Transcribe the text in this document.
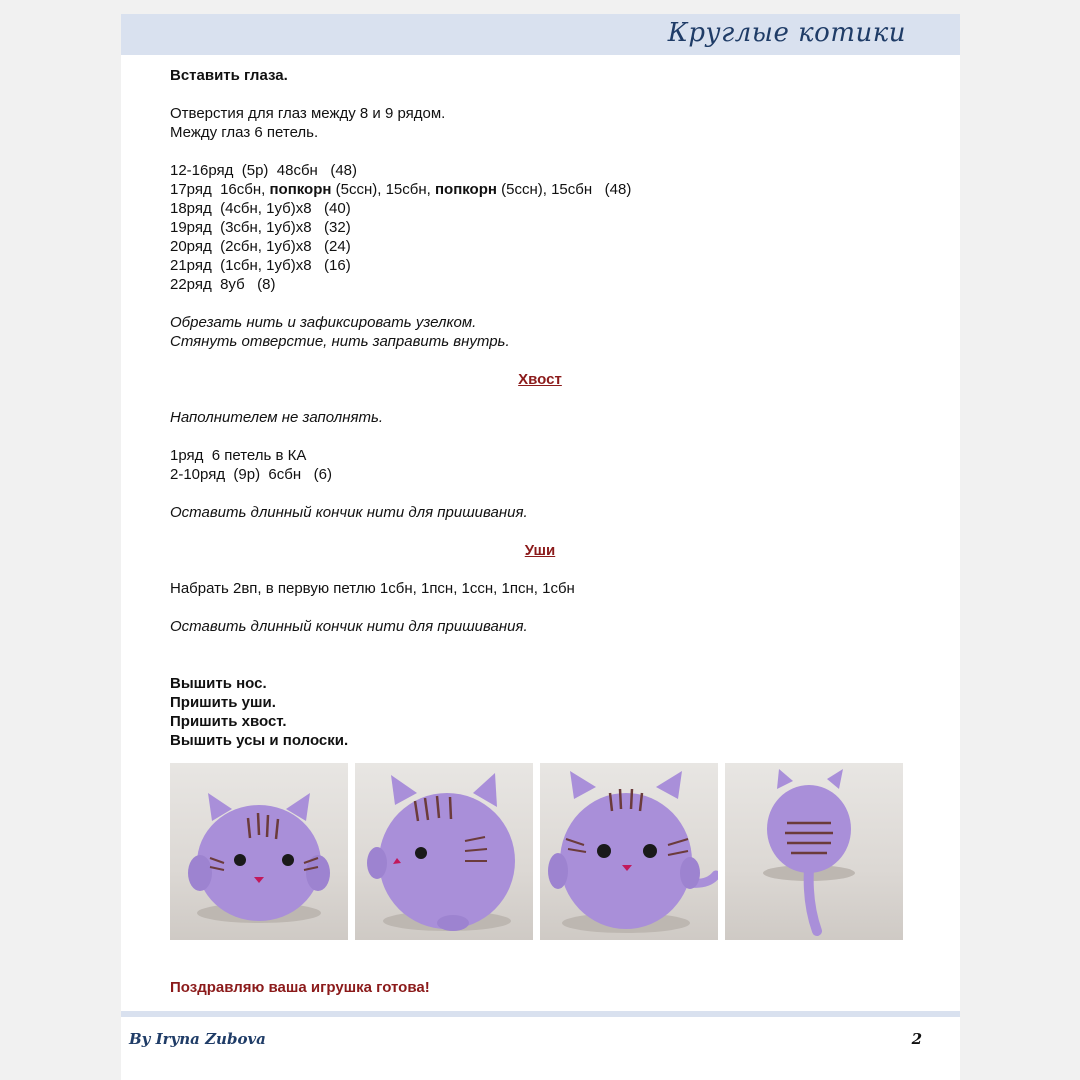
Круглые котики
Вставить глаза.
Отверстия для глаз между 8 и 9 рядом.
Между глаз 6 петель.
12-16ряд  (5р)  48сбн   (48)
17ряд  16сбн, попкорн (5ссн), 15сбн, попкорн (5ссн), 15сбн   (48)
18ряд  (4сбн, 1уб)х8   (40)
19ряд  (3сбн, 1уб)х8   (32)
20ряд  (2сбн, 1уб)х8   (24)
21ряд  (1сбн, 1уб)х8   (16)
22ряд  8уб   (8)
Обрезать нить и зафиксировать узелком.
Стянуть отверстие, нить заправить внутрь.
Хвост
Наполнителем не заполнять.
1ряд  6 петель в КА
2-10ряд  (9р)  6сбн   (6)
Оставить длинный кончик нити для пришивания.
Уши
Набрать 2вп, в первую петлю 1сбн, 1псн, 1ссн, 1псн, 1сбн
Оставить длинный кончик нити для пришивания.
Вышить нос.
Пришить уши.
Пришить хвост.
Вышить усы и полоски.
Поздравляю ваша игрушка готова!
By Iryna Zubova	2
